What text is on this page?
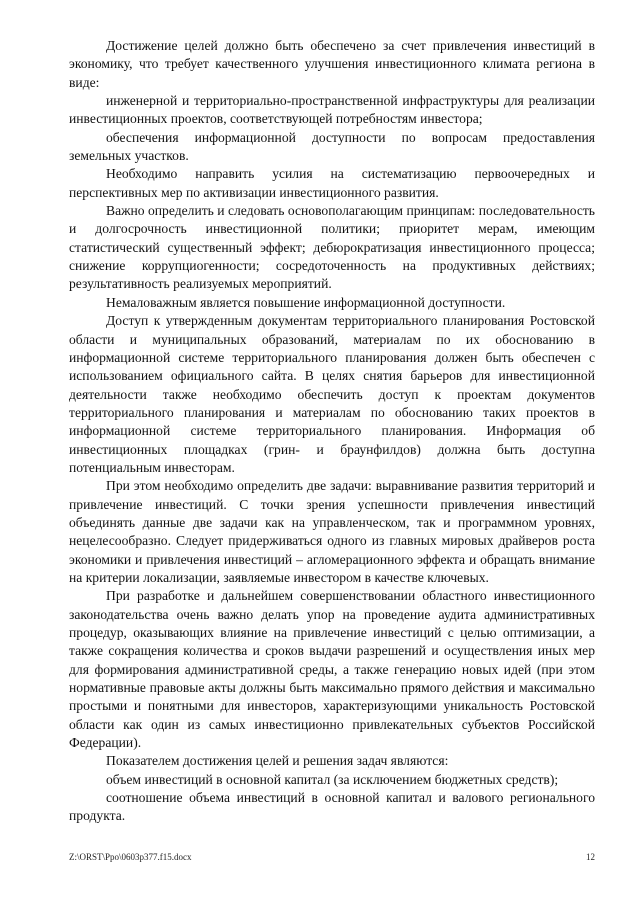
Достижение целей должно быть обеспечено за счет привлечения инвестиций в экономику, что требует качественного улучшения инвестиционного климата региона в виде:

инженерной и территориально-пространственной инфраструктуры для реализации инвестиционных проектов, соответствующей потребностям инвестора;

обеспечения информационной доступности по вопросам предоставления земельных участков.

Необходимо направить усилия на систематизацию первоочередных и перспективных мер по активизации инвестиционного развития.

Важно определить и следовать основополагающим принципам: последовательность и долгосрочность инвестиционной политики; приоритет мерам, имеющим статистический существенный эффект; дебюрократизация инвестиционного процесса; снижение коррупциогенности; сосредоточенность на продуктивных действиях; результативность реализуемых мероприятий.

Немаловажным является повышение информационной доступности.

Доступ к утвержденным документам территориального планирования Ростовской области и муниципальных образований, материалам по их обоснованию в информационной системе территориального планирования должен быть обеспечен с использованием официального сайта. В целях снятия барьеров для инвестиционной деятельности также необходимо обеспечить доступ к проектам документов территориального планирования и материалам по обоснованию таких проектов в информационной системе территориального планирования. Информация об инвестиционных площадках (грин- и браунфилдов) должна быть доступна потенциальным инвесторам.

При этом необходимо определить две задачи: выравнивание развития территорий и привлечение инвестиций. С точки зрения успешности привлечения инвестиций объединять данные две задачи как на управленческом, так и программном уровнях, нецелесообразно. Следует придерживаться одного из главных мировых драйверов роста экономики и привлечения инвестиций – агломерационного эффекта и обращать внимание на критерии локализации, заявляемые инвестором в качестве ключевых.

При разработке и дальнейшем совершенствовании областного инвестиционного законодательства очень важно делать упор на проведение аудита административных процедур, оказывающих влияние на привлечение инвестиций с целью оптимизации, а также сокращения количества и сроков выдачи разрешений и осуществления иных мер для формирования административной среды, а также генерацию новых идей (при этом нормативные правовые акты должны быть максимально прямого действия и максимально простыми и понятными для инвесторов, характеризующими уникальность Ростовской области как один из самых инвестиционно привлекательных субъектов Российской Федерации).

Показателем достижения целей и решения задач являются:

объем инвестиций в основной капитал (за исключением бюджетных средств);

соотношение объема инвестиций в основной капитал и валового регионального продукта.

Z:\ORST\Ppo\0603p377.f15.docx	12
